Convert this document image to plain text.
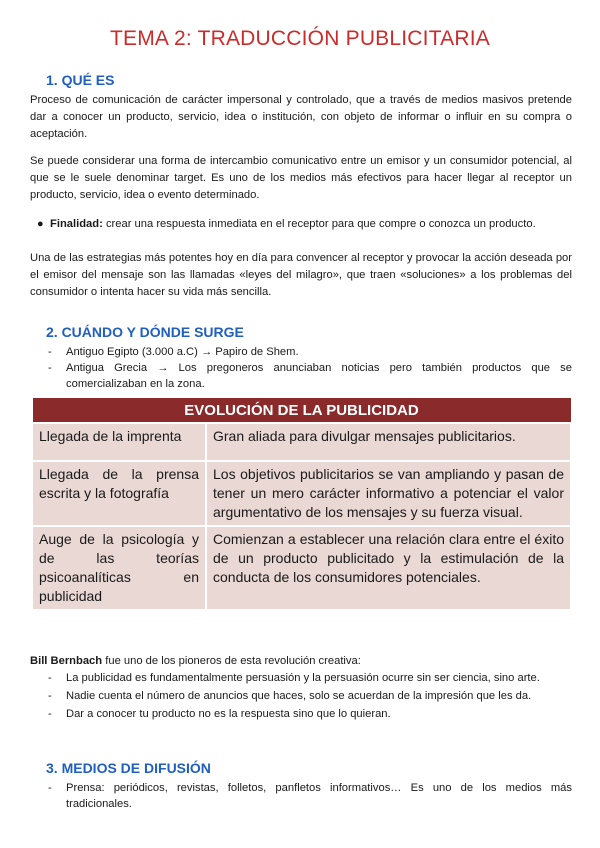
TEMA 2: TRADUCCIÓN PUBLICITARIA
1. QUÉ ES
Proceso de comunicación de carácter impersonal y controlado, que a través de medios masivos pretende dar a conocer un producto, servicio, idea o institución, con objeto de informar o influir en su compra o aceptación.
Se puede considerar una forma de intercambio comunicativo entre un emisor y un consumidor potencial, al que se le suele denominar target. Es uno de los medios más efectivos para hacer llegar al receptor un producto, servicio, idea o evento determinado.
● Finalidad: crear una respuesta inmediata en el receptor para que compre o conozca un producto.
Una de las estrategias más potentes hoy en día para convencer al receptor y provocar la acción deseada por el emisor del mensaje son las llamadas «leyes del milagro», que traen «soluciones» a los problemas del consumidor o intenta hacer su vida más sencilla.
2. CUÁNDO Y DÓNDE SURGE
- Antiguo Egipto (3.000 a.C) → Papiro de Shem.
- Antigua Grecia → Los pregoneros anunciaban noticias pero también productos que se comercializaban en la zona.
EVOLUCIÓN DE LA PUBLICIDAD	
Llegada de la imprenta	Gran aliada para divulgar mensajes publicitarios.
Llegada de la prensa escrita y la fotografía	Los objetivos publicitarios se van ampliando y pasan de tener un mero carácter informativo a potenciar el valor argumentativo de los mensajes y su fuerza visual.
Auge de la psicología y de las teorías psicoanalíticas en publicidad	Comienzan a establecer una relación clara entre el éxito de un producto publicitado y la estimulación de la conducta de los consumidores potenciales.
Bill Bernbach fue uno de los pioneros de esta revolución creativa:
- La publicidad es fundamentalmente persuasión y la persuasión ocurre sin ser ciencia, sino arte.
- Nadie cuenta el número de anuncios que haces, solo se acuerdan de la impresión que les da.
- Dar a conocer tu producto no es la respuesta sino que lo quieran.
3. MEDIOS DE DIFUSIÓN
- Prensa: periódicos, revistas, folletos, panfletos informativos… Es uno de los medios más tradicionales.
